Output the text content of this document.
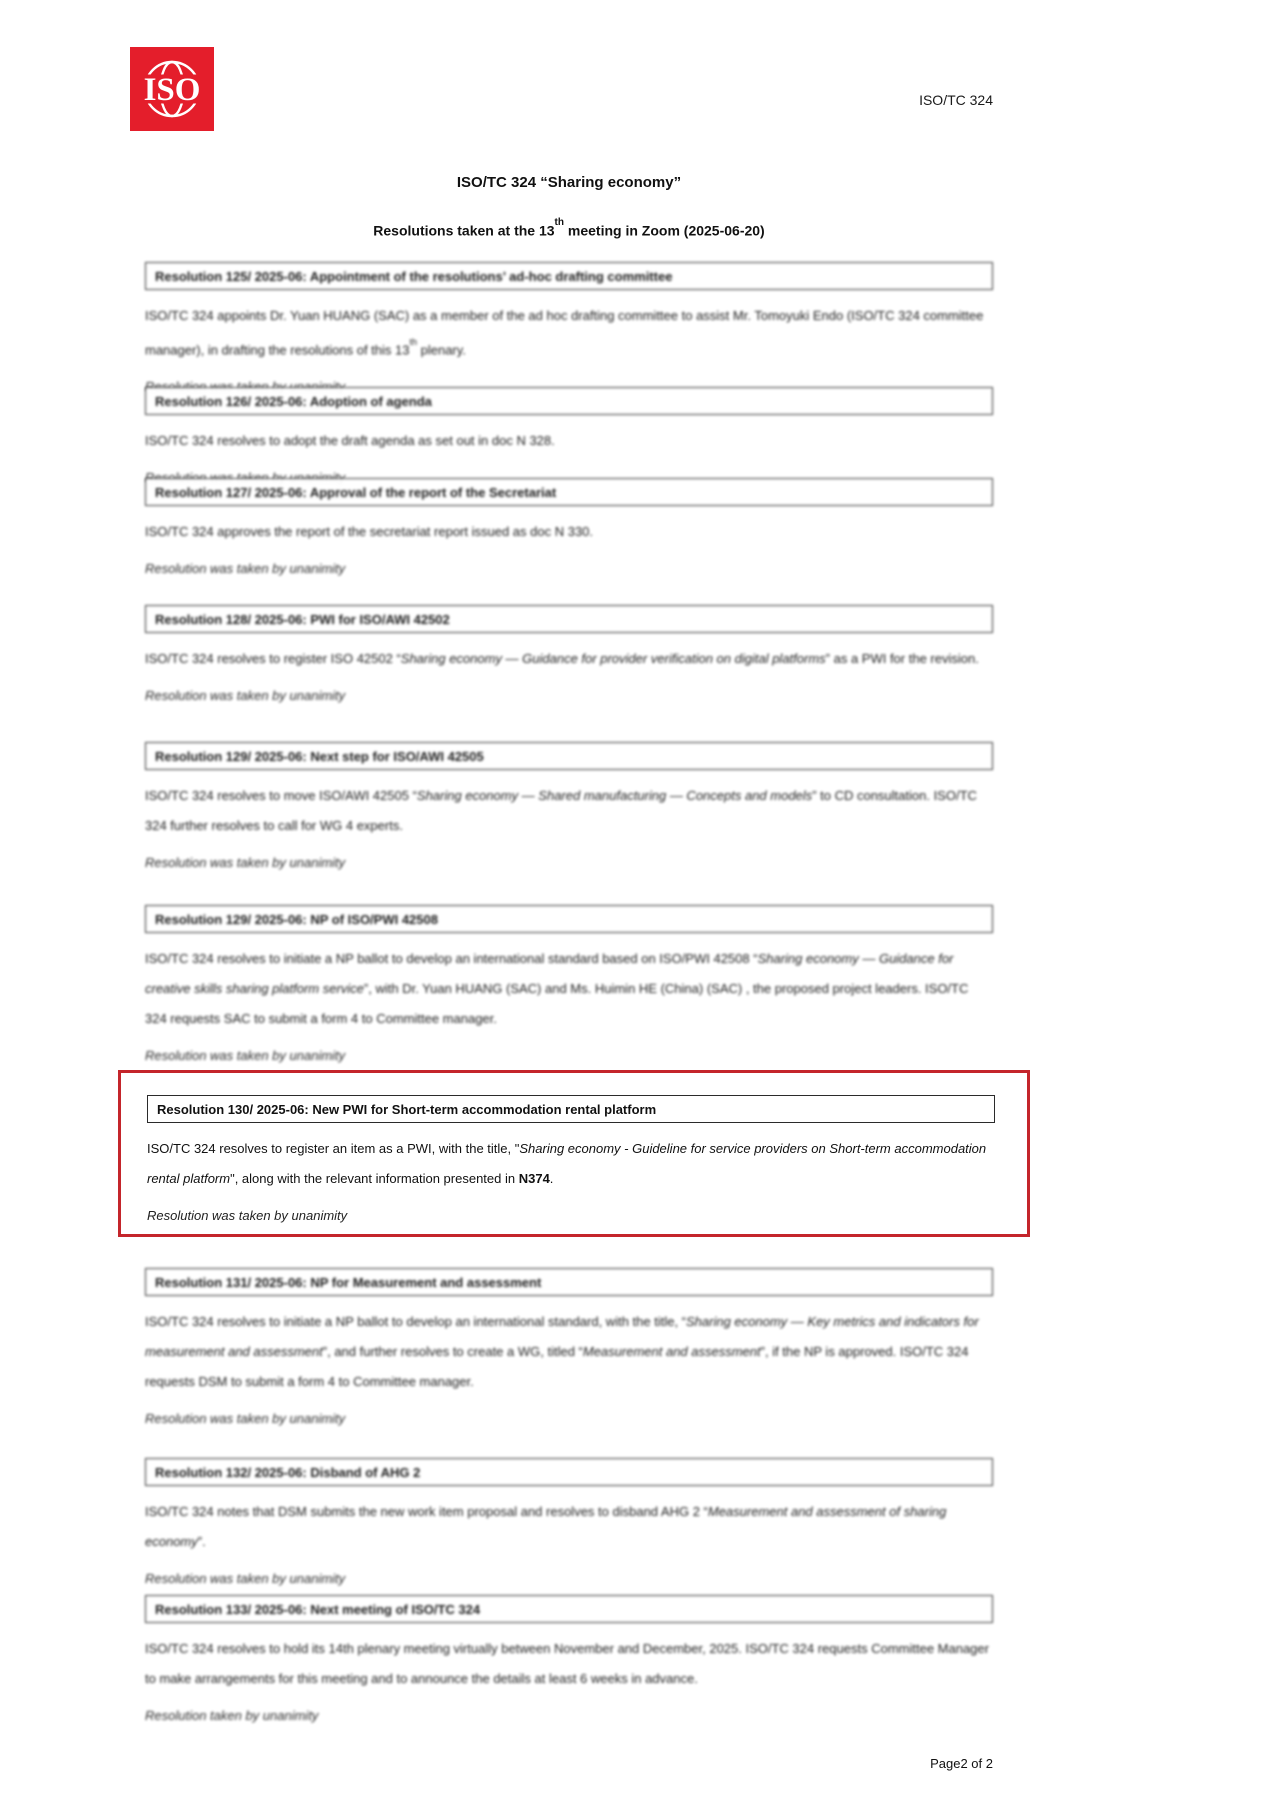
ISO	ISO/TC 324
ISO/TC 324 “Sharing economy”
Resolutions taken at the 13th meeting in Zoom (2025-06-20)
Resolution 125/ 2025-06: Appointment of the resolutions’ ad-hoc drafting committee

ISO/TC 324 appoints Dr. Yuan HUANG (SAC) as a member of the ad hoc drafting committee to assist Mr. Tomoyuki Endo (ISO/TC 324 committee manager), in drafting the resolutions of this 13th plenary.

Resolution 126/ 2025-06: Adoption of agenda

ISO/TC 324 resolves to adopt the draft agenda as set out in doc N 328.

Resolution 127/ 2025-06: Approval of the report of the Secretariat

ISO/TC 324 approves the report of the secretariat report issued as doc N 330.

Resolution was taken by unanimity

Resolution 128/ 2025-06: PWI for ISO/AWI 42502

ISO/TC 324 resolves to register ISO 42502 “Sharing economy — Guidance for provider verification on digital platforms” as a PWI for the revision.

Resolution was taken by unanimity

Resolution 129/ 2025-06: Next step for ISO/AWI 42505

ISO/TC 324 resolves to move ISO/AWI 42505 “Sharing economy — Shared manufacturing — Concepts and models” to CD consultation. ISO/TC 324 further resolves to call for WG 4 experts.

Resolution was taken by unanimity

Resolution 129/ 2025-06: NP of ISO/PWI 42508

ISO/TC 324 resolves to initiate a NP ballot to develop an international standard based on ISO/PWI 42508 “Sharing economy — Guidance for creative skills sharing platform service”, with Dr. Yuan HUANG (SAC) and Ms. Huimin HE (China) (SAC) , the proposed project leaders. ISO/TC 324 requests SAC to submit a form 4 to Committee manager.

Resolution was taken by unanimity

Resolution 130/ 2025-06: New PWI for Short-term accommodation rental platform

ISO/TC 324 resolves to register an item as a PWI, with the title, "Sharing economy - Guideline for service providers on Short-term accommodation rental platform", along with the relevant information presented in N374.

Resolution was taken by unanimity

Resolution 131/ 2025-06: NP for Measurement and assessment

ISO/TC 324 resolves to initiate a NP ballot to develop an international standard, with the title, “Sharing economy — Key metrics and indicators for measurement and assessment”, and further resolves to create a WG, titled “Measurement and assessment”, if the NP is approved. ISO/TC 324 requests DSM to submit a form 4 to Committee manager.

Resolution was taken by unanimity

Resolution 132/ 2025-06: Disband of AHG 2

ISO/TC 324 notes that DSM submits the new work item proposal and resolves to disband AHG 2 “Measurement and assessment of sharing economy”.

Resolution was taken by unanimity

Resolution 133/ 2025-06: Next meeting of ISO/TC 324

ISO/TC 324 resolves to hold its 14th plenary meeting virtually between November and December, 2025. ISO/TC 324 requests Committee Manager to make arrangements for this meeting and to announce the details at least 6 weeks in advance.

Resolution taken by unanimity

Page2 of 2
